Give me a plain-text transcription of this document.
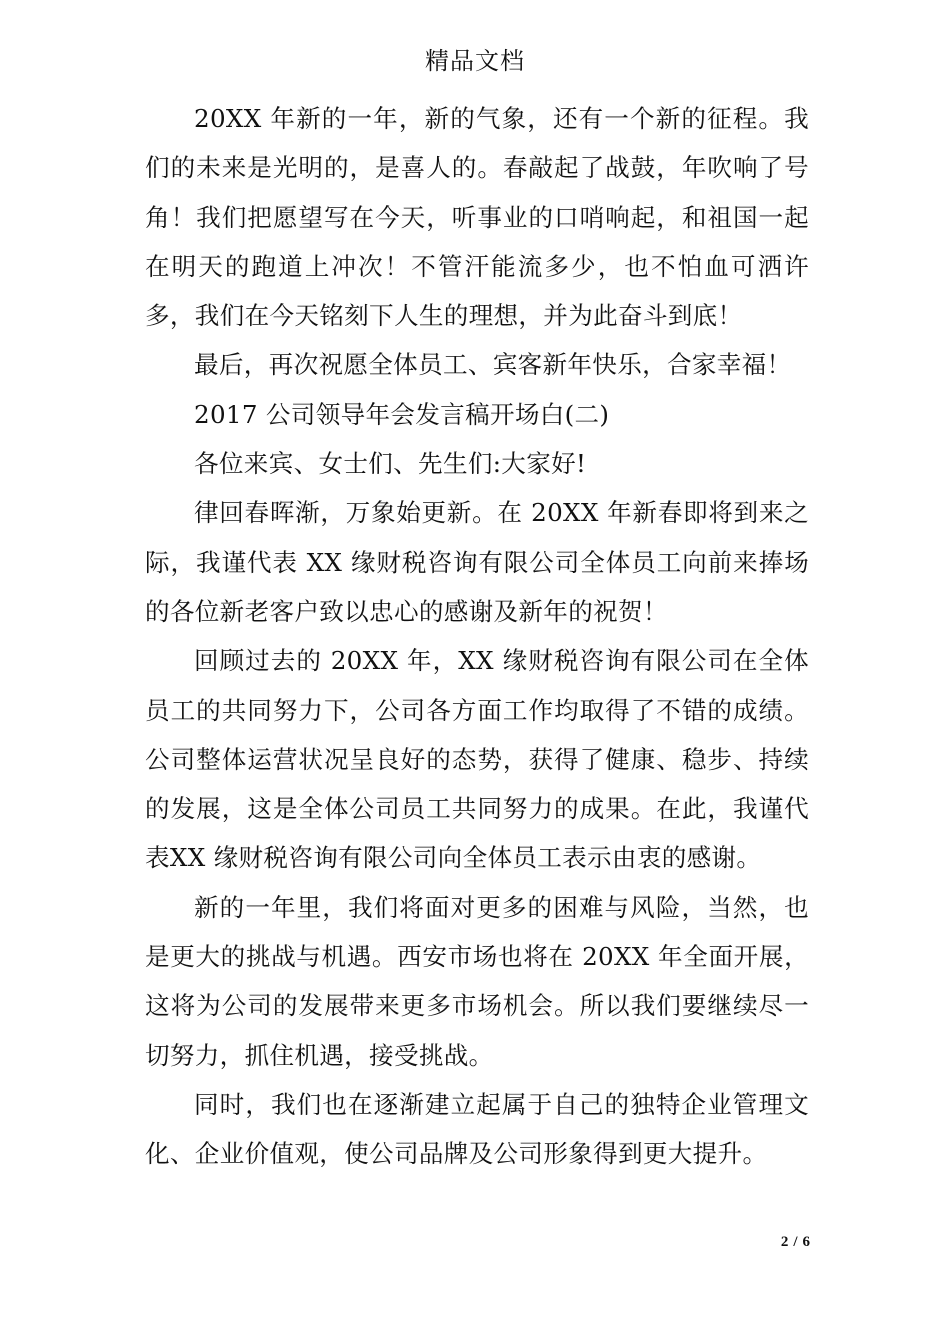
精品文档

20XX 年新的一年，新的气象，还有一个新的征程。我们的未来是光明的，是喜人的。春敲起了战鼓，年吹响了号角！我们把愿望写在今天，听事业的口哨响起，和祖国一起在明天的跑道上冲次！不管汗能流多少，也不怕血可洒许多，我们在今天铭刻下人生的理想，并为此奋斗到底！

最后，再次祝愿全体员工、宾客新年快乐，合家幸福！

2017 公司领导年会发言稿开场白(二)

各位来宾、女士们、先生们:大家好!

律回春晖渐，万象始更新。在 20XX 年新春即将到来之际，我谨代表 XX 缘财税咨询有限公司全体员工向前来捧场的各位新老客户致以忠心的感谢及新年的祝贺！

回顾过去的 20XX 年，XX 缘财税咨询有限公司在全体员工的共同努力下，公司各方面工作均取得了不错的成绩。公司整体运营状况呈良好的态势，获得了健康、稳步、持续的发展，这是全体公司员工共同努力的成果。在此，我谨代表XX 缘财税咨询有限公司向全体员工表示由衷的感谢。

新的一年里，我们将面对更多的困难与风险，当然，也是更大的挑战与机遇。西安市场也将在 20XX 年全面开展，这将为公司的发展带来更多市场机会。所以我们要继续尽一切努力，抓住机遇，接受挑战。

同时，我们也在逐渐建立起属于自己的独特企业管理文化、企业价值观，使公司品牌及公司形象得到更大提升。

2 / 6
